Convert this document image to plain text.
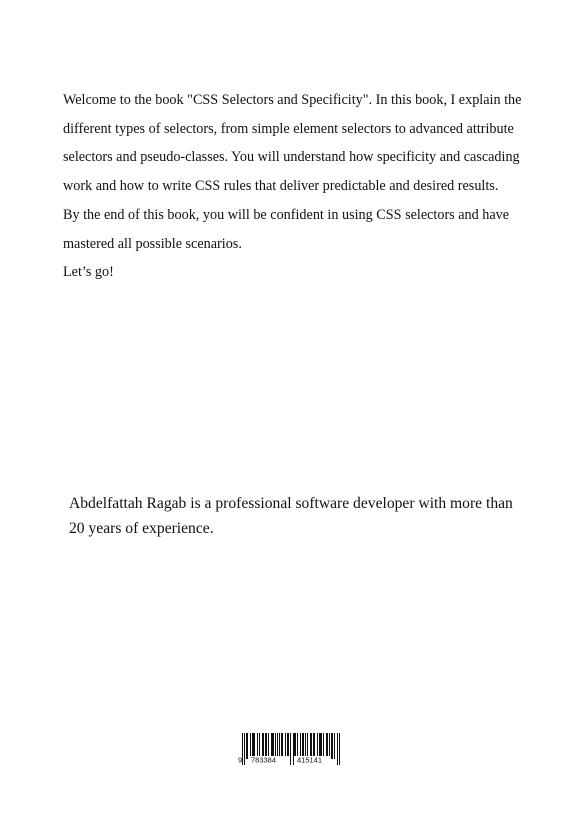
Welcome to the book "CSS Selectors and Specificity". In this book, I explain the different types of selectors, from simple element selectors to advanced attribute selectors and pseudo-classes. You will understand how specificity and cascading work and how to write CSS rules that deliver predictable and desired results.

By the end of this book, you will be confident in using CSS selectors and have mastered all possible scenarios.

Let’s go!

Abdelfattah Ragab is a professional software developer with more than 20 years of experience.
9 783384	415141
